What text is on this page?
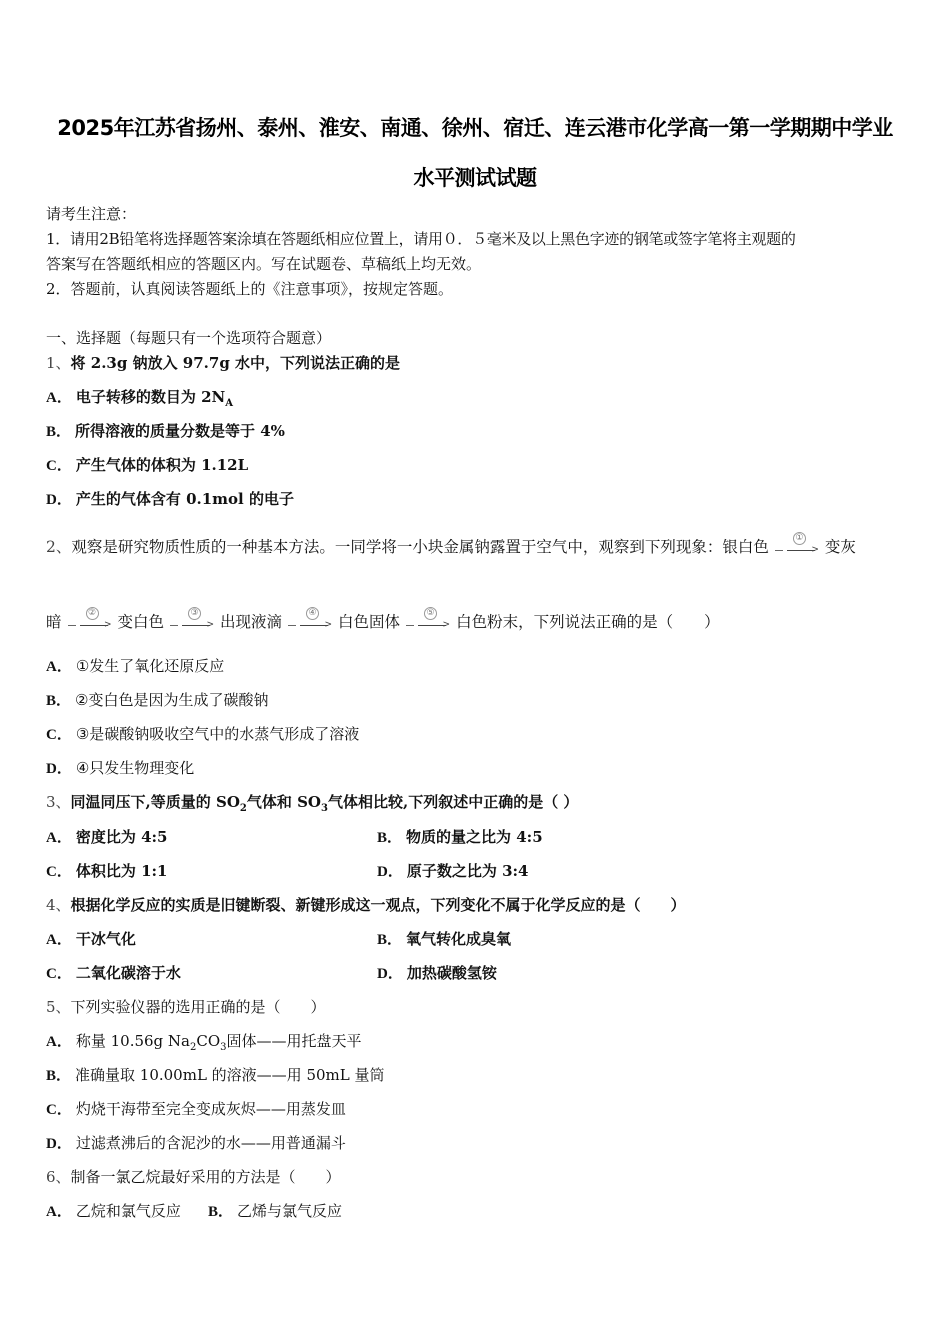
2025年江苏省扬州、泰州、淮安、南通、徐州、宿迁、连云港市化学高一第一学期期中学业
水平测试试题
请考生注意：
1．请用2B铅笔将选择题答案涂填在答题纸相应位置上，请用０．５毫米及以上黑色字迹的钢笔或签字笔将主观题的
答案写在答题纸相应的答题区内。写在试题卷、草稿纸上均无效。
2．答题前，认真阅读答题纸上的《注意事项》，按规定答题。
一、选择题（每题只有一个选项符合题意）
1、将 2.3g 钠放入 97.7g 水中，下列说法正确的是
A． 电子转移的数目为 $2N_A$
B． 所得溶液的质量分数是等于 4%
C． 产生气体的体积为 1.12L
D． 产生的气体含有 0.1mol 的电子
2、观察是研究物质性质的一种基本方法。一同学将一小块金属钠露置于空气中，观察到下列现象：银白色	>
① 变灰
暗	>
② 变白色	>
③ 出现液滴	>
④ 白色固体	>
⑤ 白色粉末，下列说法正确的是（　　）
A． ①发生了氧化还原反应
B． ②变白色是因为生成了碳酸钠
C． ③是碳酸钠吸收空气中的水蒸气形成了溶液
D． ④只发生物理变化
3、同温同压下,等质量的 $SO_2$气体和 $SO_3$气体相比较,下列叙述中正确的是（ ）
A． 密度比为 4:5	B． 物质的量之比为 4:5
C． 体积比为 1:1	D． 原子数之比为 3:4
4、根据化学反应的实质是旧键断裂、新键形成这一观点，下列变化不属于化学反应的是（　　）
A． 干冰气化	B． 氧气转化成臭氧
C． 二氧化碳溶于水	D． 加热碳酸氢铵
5、下列实验仪器的选用正确的是（　　）
A． 称量 10.56g $Na_2CO_3$固体——用托盘天平
B． 准确量取 10.00mL 的溶液——用 50mL 量筒
C． 灼烧干海带至完全变成灰烬——用蒸发皿
D． 过滤煮沸后的含泥沙的水——用普通漏斗
6、制备一氯乙烷最好采用的方法是（　　）
A． 乙烷和氯气反应 B． 乙烯与氯气反应
